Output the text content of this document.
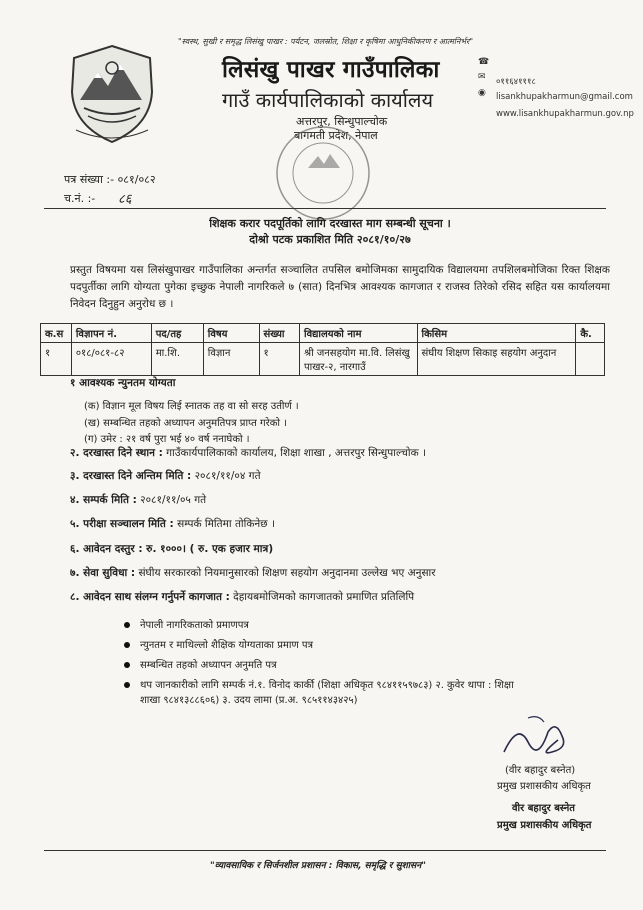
"स्वस्थ, सुखी र समृद्ध लिसंखु पाखर : पर्यटन, जलस्रोत, शिक्षा र कृषिमा आधुनिकीकरण र आत्मनिर्भर"
लिसंखु पाखर गाउँपालिका
गाउँ कार्यपालिकाको कार्यालय
अत्तरपुर, सिन्धुपाल्चोक
बागमती प्रदेश, नेपाल
☎
✉
◉
०११६४१११८
lisankhupakharmun@gmail.com
www.lisankhupakharmun.gov.np
पत्र संख्या :- ०८१/०८२
च.नं. :- ८६
शिक्षक करार पदपूर्तिको लागि दरखास्त माग सम्बन्धी सूचना ।
दोश्रो पटक प्रकाशित मिति २०८१/१०/२७
प्रस्तुत विषयमा यस लिसंखुपाखर गाउँपालिका अन्तर्गत सञ्चालित तपसिल बमोजिमका सामुदायिक विद्यालयमा तपशिलबमोजिका रिक्त शिक्षक पदपुर्तीका लागि योग्यता पुगेका इच्छुक नेपाली नागरिकले ७ (सात) दिनभित्र आवश्यक कागजात र राजस्व तिरेको रसिद सहित यस कार्यालयमा निवेदन दिनुहुन अनुरोध छ ।
क.स	विज्ञापन नं.	पद/तह	विषय	संख्या	विद्यालयको नाम	किसिम	कै.
१	०१८/०८१-८२	मा.शि.	विज्ञान	१	श्री जनसहयोग मा.वि. लिसंखु पाखर-२, नारगाउँ	संघीय शिक्षण सिकाइ सहयोग अनुदान	
१ आवश्यक न्युनतम योग्यता
(क) विज्ञान मूल विषय लिई स्नातक तह वा सो सरह उतीर्ण ।
(ख) सम्बन्धित तहको अध्यापन अनुमतिपत्र प्राप्त गरेको ।
(ग) उमेर : २१ वर्ष पुरा भई ४० वर्ष ननाघेको ।
२. दरखास्त दिने स्थान : गाउँकार्यपालिकाको कार्यालय, शिक्षा शाखा , अत्तरपुर सिन्धुपाल्चोक ।
३. दरखास्त दिने अन्तिम मिति : २०८१/११/०४ गते
४. सम्पर्क मिति : २०८१/११/०५ गते
५. परीक्षा सञ्चालन मिति : सम्पर्क मितिमा तोकिनेछ ।
६. आवेदन दस्तुर : रु. १०००। ( रु. एक हजार मात्र)
७. सेवा सुविधा : संघीय सरकारको नियमानुसारको शिक्षण सहयोग अनुदानमा उल्लेख भए अनुसार
८. आवेदन साथ संलग्न गर्नुपर्ने कागजात : देहायबमोजिमको कागजातको प्रमाणित प्रतिलिपि
नेपाली नागरिकताको प्रमाणपत्र
न्युनतम र माथिल्लो शैक्षिक योग्यताका प्रमाण पत्र
सम्बन्धित तहको अध्यापन अनुमति पत्र
थप जानकारीको लागि सम्पर्क नं.१. विनोद कार्की (शिक्षा अधिकृत ९८४११५९७८३) २. कुवेर थापा : शिक्षा
शाखा ९८४१३८८६०६) ३. उदय लामा (प्र.अ. ९८५११४३४२५)
(वीर बहादुर बस्नेत)
प्रमुख प्रशासकीय अधिकृत
वीर बहादुर बस्नेत
प्रमुख प्रशासकीय अधिकृत
"व्यावसायिक र सिर्जनशील प्रशासन : विकास, समृद्धि र सुशासन"
